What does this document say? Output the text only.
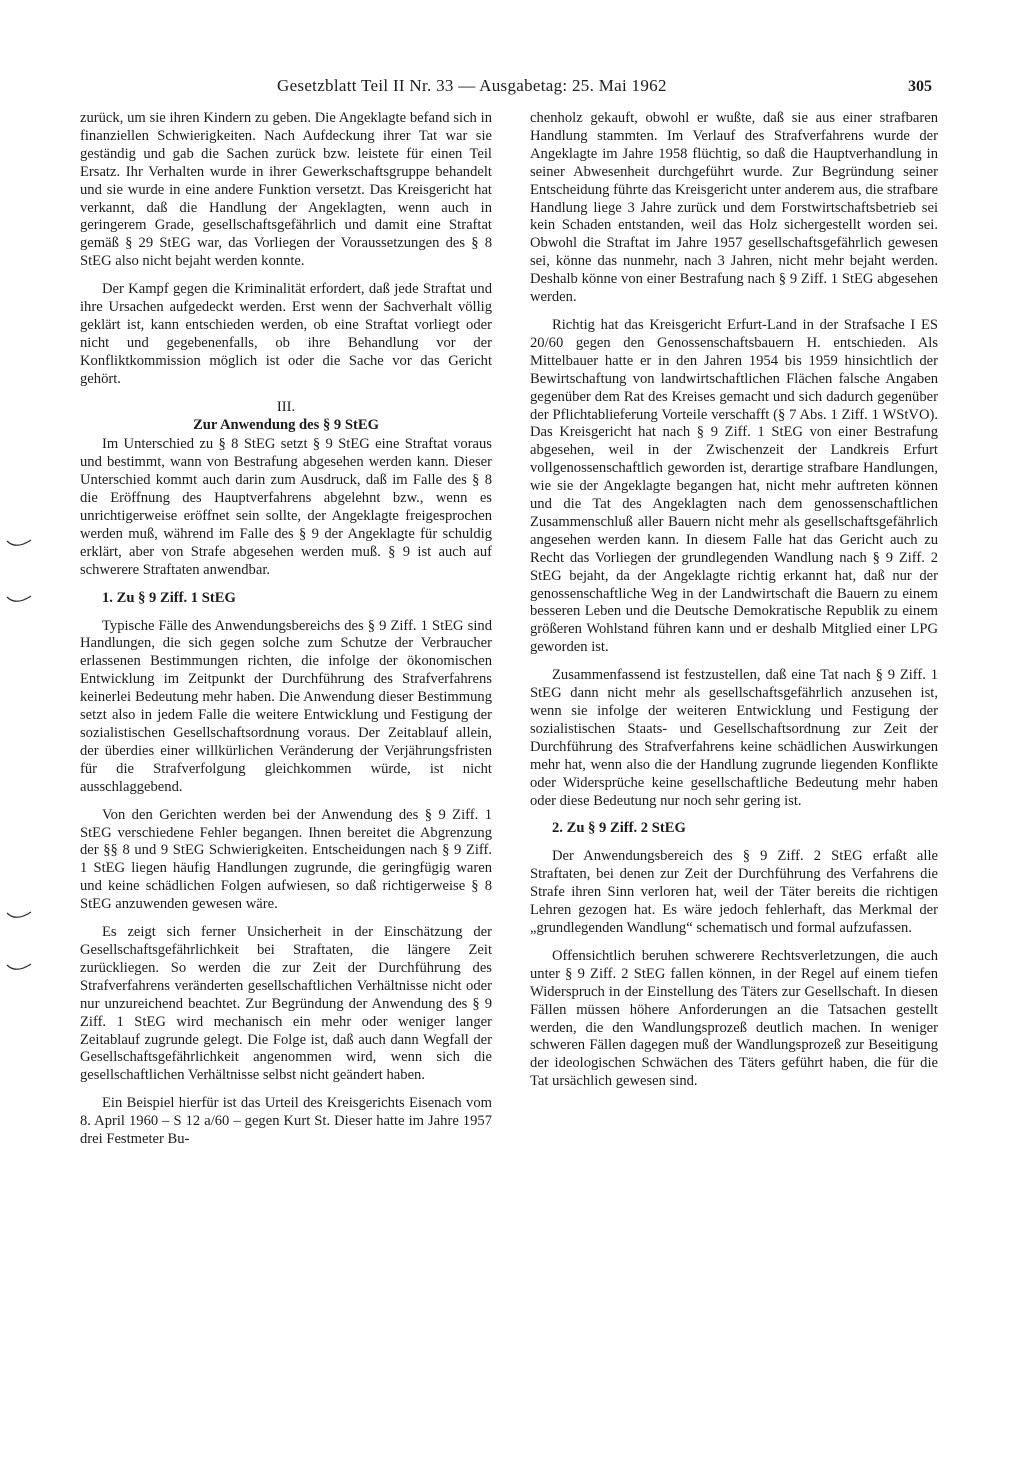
Gesetzblatt Teil II Nr. 33 — Ausgabetag: 25. Mai 1962	305

zurück, um sie ihren Kindern zu geben. Die Angeklagte befand sich in finanziellen Schwierigkeiten. Nach Aufdeckung ihrer Tat war sie geständig und gab die Sachen zurück bzw. leistete für einen Teil Ersatz. Ihr Verhalten wurde in ihrer Gewerkschaftsgruppe behandelt und sie wurde in eine andere Funktion versetzt. Das Kreisgericht hat verkannt, daß die Handlung der Angeklagten, wenn auch in geringerem Grade, gesellschaftsgefährlich und damit eine Straftat gemäß § 29 StEG war, das Vorliegen der Voraussetzungen des § 8 StEG also nicht bejaht werden konnte.

Der Kampf gegen die Kriminalität erfordert, daß jede Straftat und ihre Ursachen aufgedeckt werden. Erst wenn der Sachverhalt völlig geklärt ist, kann entschieden werden, ob eine Straftat vorliegt oder nicht und gegebenenfalls, ob ihre Behandlung vor der Konfliktkommission möglich ist oder die Sache vor das Gericht gehört.

III.
Zur Anwendung des § 9 StEG

Im Unterschied zu § 8 StEG setzt § 9 StEG eine Straftat voraus und bestimmt, wann von Bestrafung abgesehen werden kann. Dieser Unterschied kommt auch darin zum Ausdruck, daß im Falle des § 8 die Eröffnung des Hauptverfahrens abgelehnt bzw., wenn es unrichtigerweise eröffnet sein sollte, der Angeklagte freigesprochen werden muß, während im Falle des § 9 der Angeklagte für schuldig erklärt, aber von Strafe abgesehen werden muß. § 9 ist auch auf schwerere Straftaten anwendbar.

1. Zu § 9 Ziff. 1 StEG

Typische Fälle des Anwendungsbereichs des § 9 Ziff. 1 StEG sind Handlungen, die sich gegen solche zum Schutze der Verbraucher erlassenen Bestimmungen richten, die infolge der ökonomischen Entwicklung im Zeitpunkt der Durchführung des Strafverfahrens keinerlei Bedeutung mehr haben. Die Anwendung dieser Bestimmung setzt also in jedem Falle die weitere Entwicklung und Festigung der sozialistischen Gesellschaftsordnung voraus. Der Zeitablauf allein, der überdies einer willkürlichen Veränderung der Verjährungsfristen für die Strafverfolgung gleichkommen würde, ist nicht ausschlaggebend.

Von den Gerichten werden bei der Anwendung des § 9 Ziff. 1 StEG verschiedene Fehler begangen. Ihnen bereitet die Abgrenzung der §§ 8 und 9 StEG Schwierigkeiten. Entscheidungen nach § 9 Ziff. 1 StEG liegen häufig Handlungen zugrunde, die geringfügig waren und keine schädlichen Folgen aufwiesen, so daß richtigerweise § 8 StEG anzuwenden gewesen wäre.

Es zeigt sich ferner Unsicherheit in der Einschätzung der Gesellschaftsgefährlichkeit bei Straftaten, die längere Zeit zurückliegen. So werden die zur Zeit der Durchführung des Strafverfahrens veränderten gesellschaftlichen Verhältnisse nicht oder nur unzureichend beachtet. Zur Begründung der Anwendung des § 9 Ziff. 1 StEG wird mechanisch ein mehr oder weniger langer Zeitablauf zugrunde gelegt. Die Folge ist, daß auch dann Wegfall der Gesellschaftsgefährlichkeit angenommen wird, wenn sich die gesellschaftlichen Verhältnisse selbst nicht geändert haben.

Ein Beispiel hierfür ist das Urteil des Kreisgerichts Eisenach vom 8. April 1960 – S 12 a/60 – gegen Kurt St. Dieser hatte im Jahre 1957 drei Festmeter Bu-

chenholz gekauft, obwohl er wußte, daß sie aus einer strafbaren Handlung stammten. Im Verlauf des Strafverfahrens wurde der Angeklagte im Jahre 1958 flüchtig, so daß die Hauptverhandlung in seiner Abwesenheit durchgeführt wurde. Zur Begründung seiner Entscheidung führte das Kreisgericht unter anderem aus, die strafbare Handlung liege 3 Jahre zurück und dem Forstwirtschaftsbetrieb sei kein Schaden entstanden, weil das Holz sichergestellt worden sei. Obwohl die Straftat im Jahre 1957 gesellschaftsgefährlich gewesen sei, könne das nunmehr, nach 3 Jahren, nicht mehr bejaht werden. Deshalb könne von einer Bestrafung nach § 9 Ziff. 1 StEG abgesehen werden.

Richtig hat das Kreisgericht Erfurt-Land in der Strafsache I ES 20/60 gegen den Genossenschaftsbauern H. entschieden. Als Mittelbauer hatte er in den Jahren 1954 bis 1959 hinsichtlich der Bewirtschaftung von landwirtschaftlichen Flächen falsche Angaben gegenüber dem Rat des Kreises gemacht und sich dadurch gegenüber der Pflichtablieferung Vorteile verschafft (§ 7 Abs. 1 Ziff. 1 WStVO). Das Kreisgericht hat nach § 9 Ziff. 1 StEG von einer Bestrafung abgesehen, weil in der Zwischenzeit der Landkreis Erfurt vollgenossenschaftlich geworden ist, derartige strafbare Handlungen, wie sie der Angeklagte begangen hat, nicht mehr auftreten können und die Tat des Angeklagten nach dem genossenschaftlichen Zusammenschluß aller Bauern nicht mehr als gesellschaftsgefährlich angesehen werden kann. In diesem Falle hat das Gericht auch zu Recht das Vorliegen der grundlegenden Wandlung nach § 9 Ziff. 2 StEG bejaht, da der Angeklagte richtig erkannt hat, daß nur der genossenschaftliche Weg in der Landwirtschaft die Bauern zu einem besseren Leben und die Deutsche Demokratische Republik zu einem größeren Wohlstand führen kann und er deshalb Mitglied einer LPG geworden ist.

Zusammenfassend ist festzustellen, daß eine Tat nach § 9 Ziff. 1 StEG dann nicht mehr als gesellschaftsgefährlich anzusehen ist, wenn sie infolge der weiteren Entwicklung und Festigung der sozialistischen Staats- und Gesellschaftsordnung zur Zeit der Durchführung des Strafverfahrens keine schädlichen Auswirkungen mehr hat, wenn also die der Handlung zugrunde liegenden Konflikte oder Widersprüche keine gesellschaftliche Bedeutung mehr haben oder diese Bedeutung nur noch sehr gering ist.

2. Zu § 9 Ziff. 2 StEG

Der Anwendungsbereich des § 9 Ziff. 2 StEG erfaßt alle Straftaten, bei denen zur Zeit der Durchführung des Verfahrens die Strafe ihren Sinn verloren hat, weil der Täter bereits die richtigen Lehren gezogen hat. Es wäre jedoch fehlerhaft, das Merkmal der „grundlegenden Wandlung“ schematisch und formal aufzufassen.

Offensichtlich beruhen schwerere Rechtsverletzungen, die auch unter § 9 Ziff. 2 StEG fallen können, in der Regel auf einem tiefen Widerspruch in der Einstellung des Täters zur Gesellschaft. In diesen Fällen müssen höhere Anforderungen an die Tatsachen gestellt werden, die den Wandlungsprozeß deutlich machen. In weniger schweren Fällen dagegen muß der Wandlungsprozeß zur Beseitigung der ideologischen Schwächen des Täters geführt haben, die für die Tat ursächlich gewesen sind.
